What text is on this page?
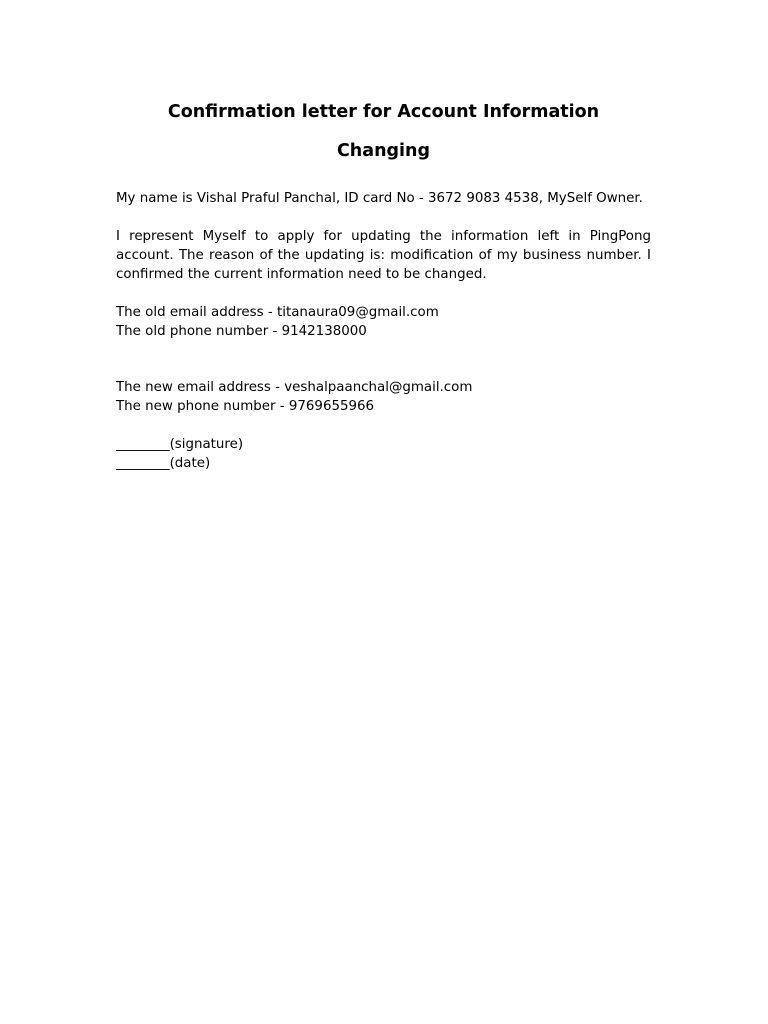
Confirmation letter for Account Information
Changing

My name is Vishal Praful Panchal, ID card No - 3672 9083 4538, MySelf Owner.

I represent Myself to apply for updating the information left in PingPong
account. The reason of the updating is: modification of my business number. I
confirmed the current information need to be changed.

The old email address - titanaura09@gmail.com

The old phone number - 9142138000

The new email address - veshalpaanchal@gmail.com

The new phone number - 9769655966

________(signature)

________(date)
